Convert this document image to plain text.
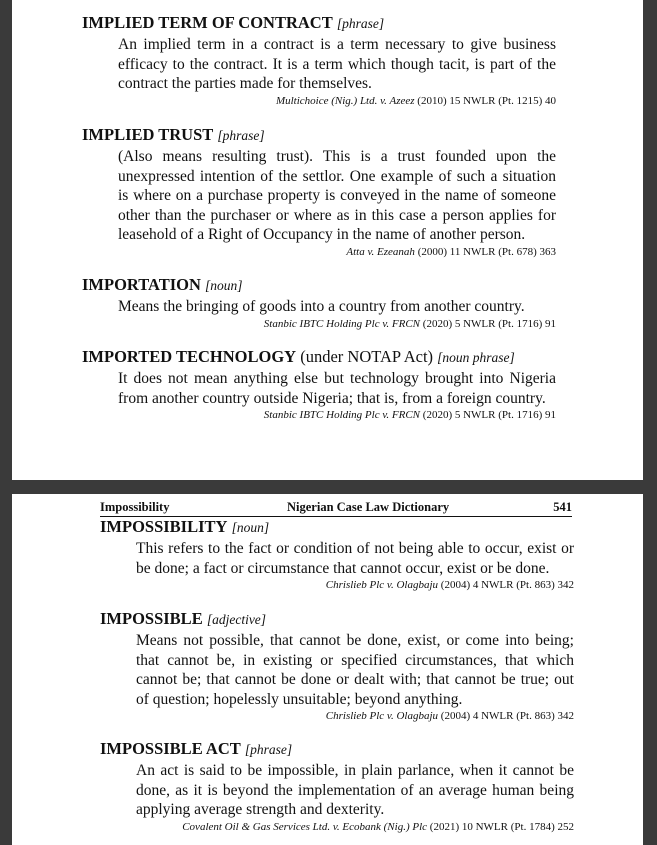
IMPLIED TERM OF CONTRACT [phrase]
An implied term in a contract is a term necessary to give business efficacy to the contract. It is a term which though tacit, is part of the contract the parties made for themselves.
Multichoice (Nig.) Ltd. v. Azeez (2010) 15 NWLR (Pt. 1215) 40
IMPLIED TRUST [phrase]
(Also means resulting trust). This is a trust founded upon the unexpressed intention of the settlor. One example of such a situation is where on a purchase property is conveyed in the name of someone other than the purchaser or where as in this case a person applies for leasehold of a Right of Occupancy in the name of another person.
Atta v. Ezeanah (2000) 11 NWLR (Pt. 678) 363
IMPORTATION [noun]
Means the bringing of goods into a country from another country.
Stanbic IBTC Holding Plc v. FRCN (2020) 5 NWLR (Pt. 1716) 91
IMPORTED TECHNOLOGY (under NOTAP Act) [noun phrase]
It does not mean anything else but technology brought into Nigeria from another country outside Nigeria; that is, from a foreign country.
Stanbic IBTC Holding Plc v. FRCN (2020) 5 NWLR (Pt. 1716) 91
Impossibility	Nigerian Case Law Dictionary	541
IMPOSSIBILITY [noun]
This refers to the fact or condition of not being able to occur, exist or be done; a fact or circumstance that cannot occur, exist or be done.
Chrislieb Plc v. Olagbaju (2004) 4 NWLR (Pt. 863) 342
IMPOSSIBLE [adjective]
Means not possible, that cannot be done, exist, or come into being; that cannot be, in existing or specified circumstances, that which cannot be; that cannot be done or dealt with; that cannot be true; out of question; hopelessly unsuitable; beyond anything.
Chrislieb Plc v. Olagbaju (2004) 4 NWLR (Pt. 863) 342
IMPOSSIBLE ACT [phrase]
An act is said to be impossible, in plain parlance, when it cannot be done, as it is beyond the implementation of an average human being applying average strength and dexterity.
Covalent Oil & Gas Services Ltd. v. Ecobank (Nig.) Plc (2021) 10 NWLR (Pt. 1784) 252
